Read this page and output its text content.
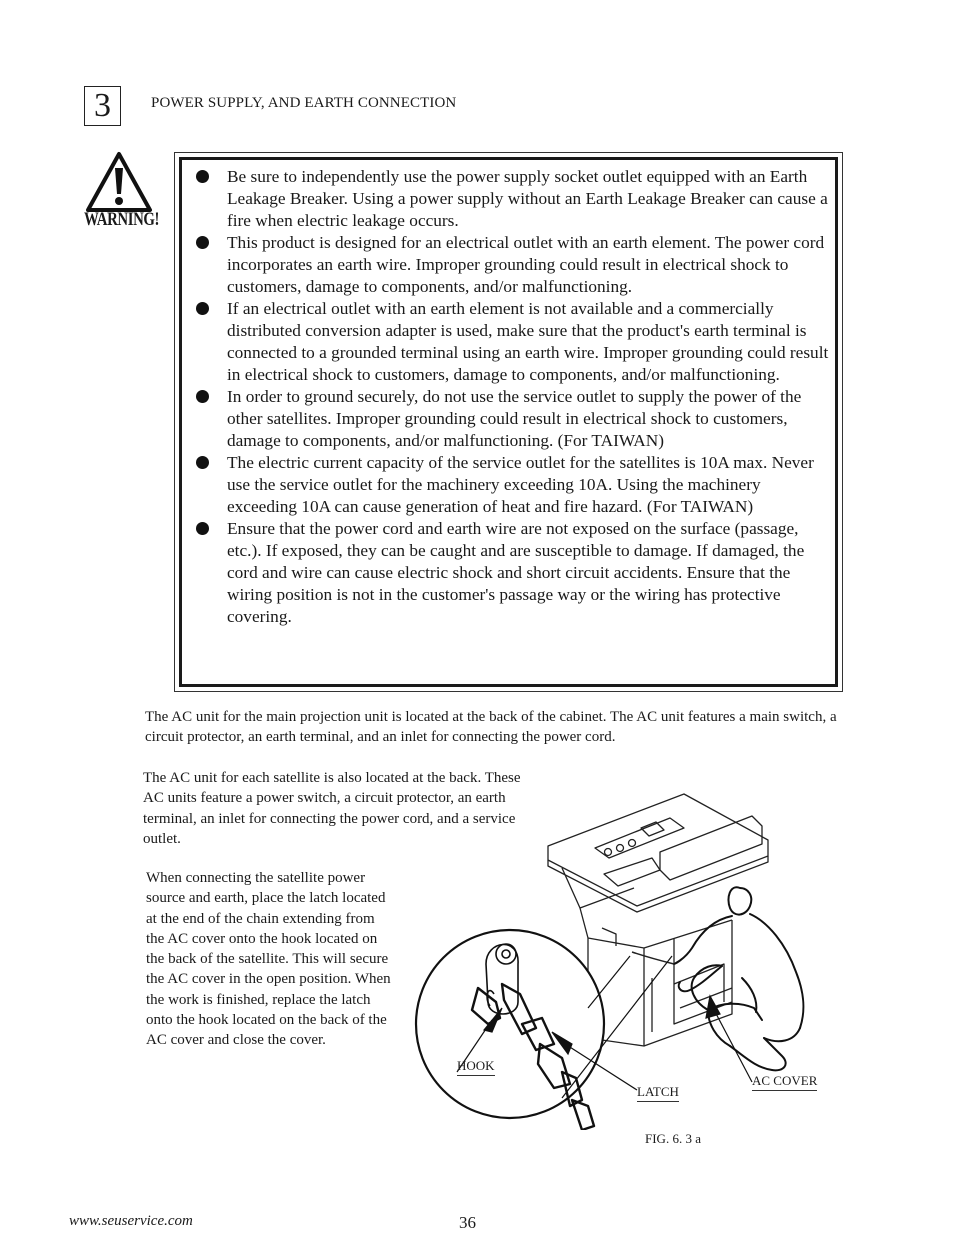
3	POWER SUPPLY, AND EARTH CONNECTION
WARNING!
Be sure to independently use the power supply socket outlet equipped with an Earth Leakage Breaker. Using a power supply without an Earth Leakage Breaker can cause a fire when electric leakage occurs.
This product is designed for an electrical outlet with an earth element. The power cord incorporates an earth wire. Improper grounding could result in electrical shock to customers, damage to components, and/or malfunctioning.
If an electrical outlet with an earth element is not available and a commercially distributed conversion adapter is used, make sure that the product's earth terminal is connected to a grounded terminal using an earth wire. Improper grounding could result in electrical shock to customers, damage to components, and/or malfunctioning.
In order to ground securely, do not use the service outlet to supply the power of the other satellites. Improper grounding could result in electrical shock to customers, damage to components, and/or malfunctioning. (For TAIWAN)
The electric current capacity of the service outlet for the satellites is 10A max. Never use the service outlet for the machinery exceeding 10A. Using the machinery exceeding 10A can cause generation of heat and fire hazard. (For TAIWAN)
Ensure that the power cord and earth wire are not exposed on the surface (passage, etc.). If exposed, they can be caught and are susceptible to damage. If damaged, the cord and wire can cause electric shock and short circuit accidents. Ensure that the wiring position is not in the customer's passage way or the wiring has protective covering.
The AC unit for the main projection unit is located at the back of the cabinet. The AC unit features a main switch, a circuit protector, an earth terminal, and an inlet for connecting the power cord.
The AC unit for each satellite is also located at the back. These AC units feature a power switch, a circuit protector, an earth terminal, an inlet for connecting the power cord, and a service outlet.
When connecting the satellite power source and earth, place the latch located at the end of the chain extending from the AC cover onto the hook located on the back of the satellite. This will secure the AC cover in the open position. When the work is finished, replace the latch onto the hook located on the back of the AC cover and close the cover.
HOOK
LATCH
AC COVER
FIG. 6. 3 a
www.seuservice.com	36
